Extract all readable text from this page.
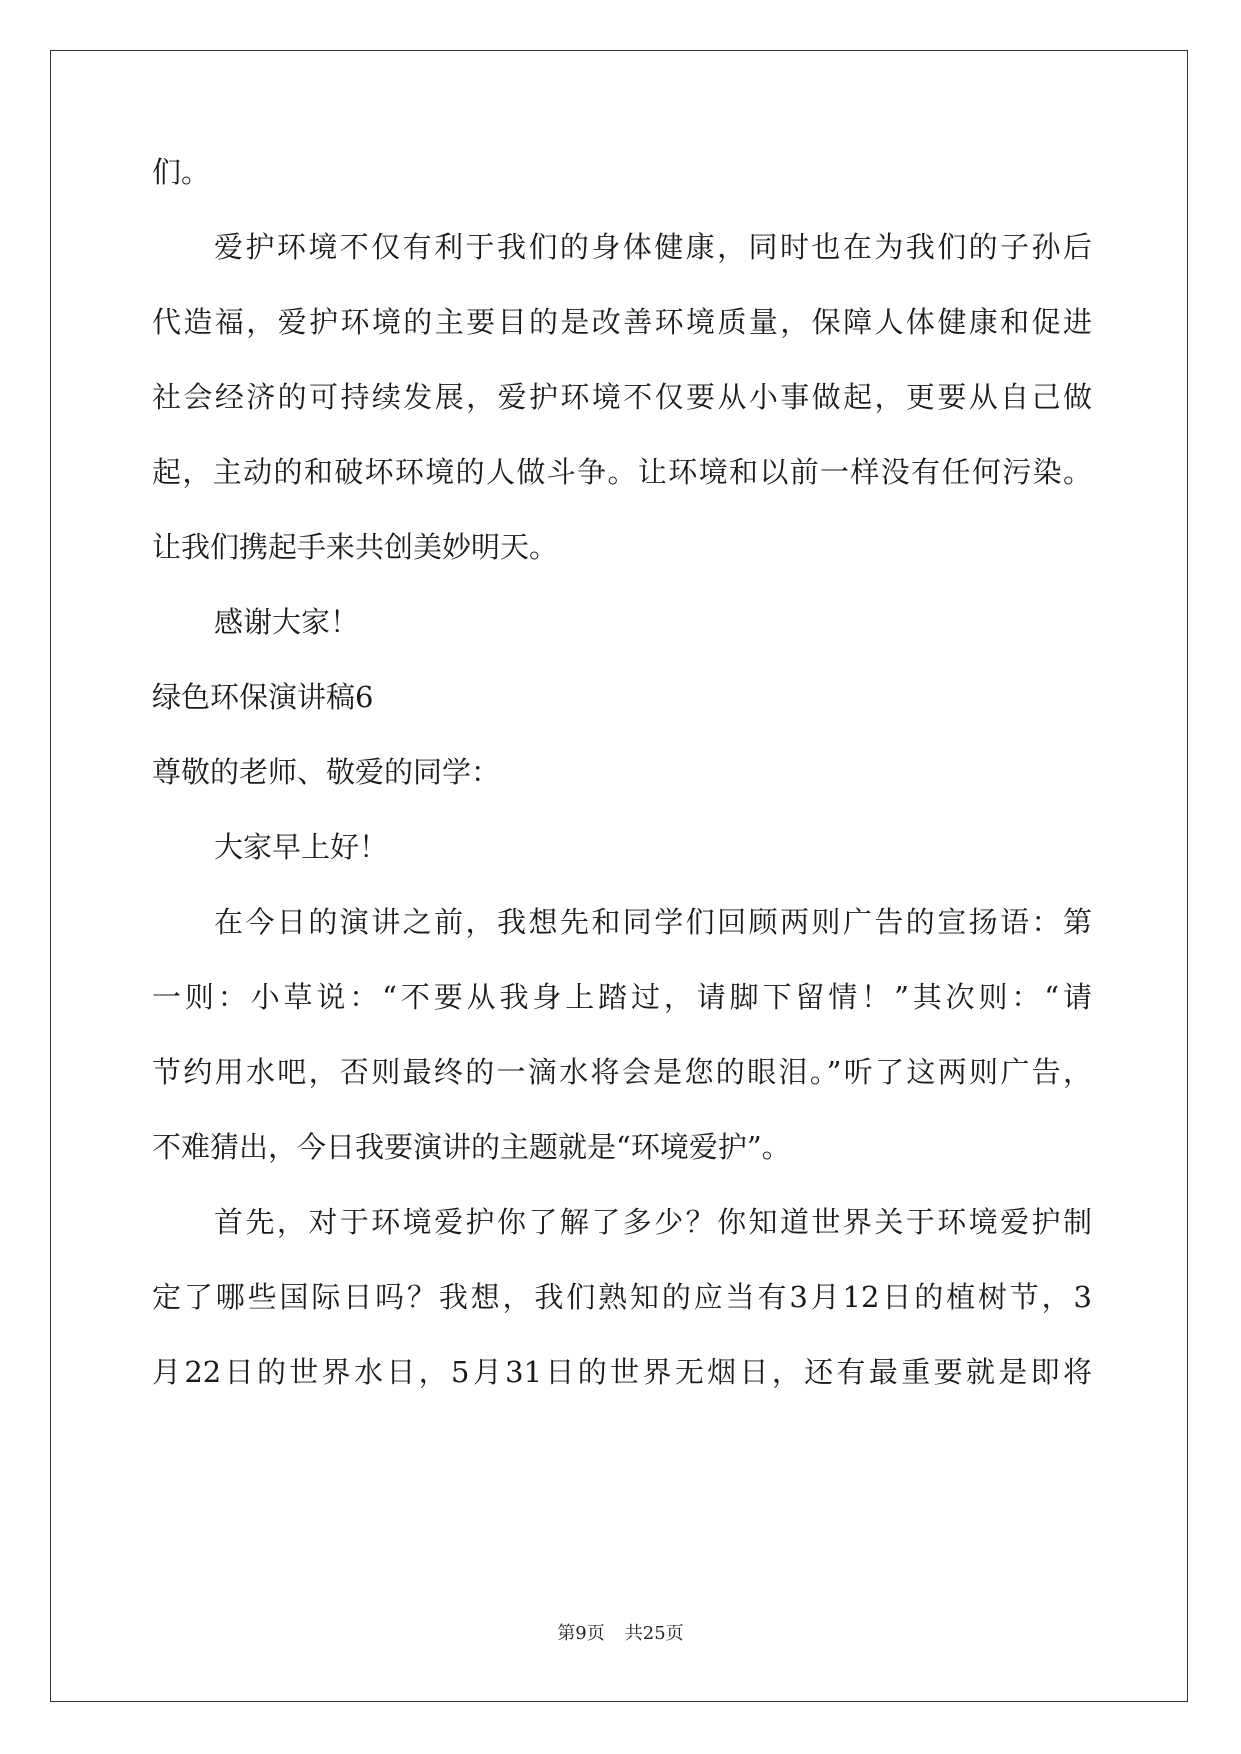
们。
爱护环境不仅有利于我们的身体健康，同时也在为我们的子孙后
代造福，爱护环境的主要目的是改善环境质量，保障人体健康和促进
社会经济的可持续发展，爱护环境不仅要从小事做起，更要从自己做
起，主动的和破坏环境的人做斗争。让环境和以前一样没有任何污染。
让我们携起手来共创美妙明天。
感谢大家！
绿色环保演讲稿6
尊敬的老师、敬爱的同学：
大家早上好！
在今日的演讲之前，我想先和同学们回顾两则广告的宣扬语：第
一则：小草说：“不要从我身上踏过，请脚下留情！”其次则：“请
节约用水吧，否则最终的一滴水将会是您的眼泪。”听了这两则广告，
不难猜出，今日我要演讲的主题就是“环境爱护”。
首先，对于环境爱护你了解了多少？你知道世界关于环境爱护制
定了哪些国际日吗？我想，我们熟知的应当有3月12日的植树节，3
月22日的世界水日，5月31日的世界无烟日，还有最重要就是即将
第9页 共25页
